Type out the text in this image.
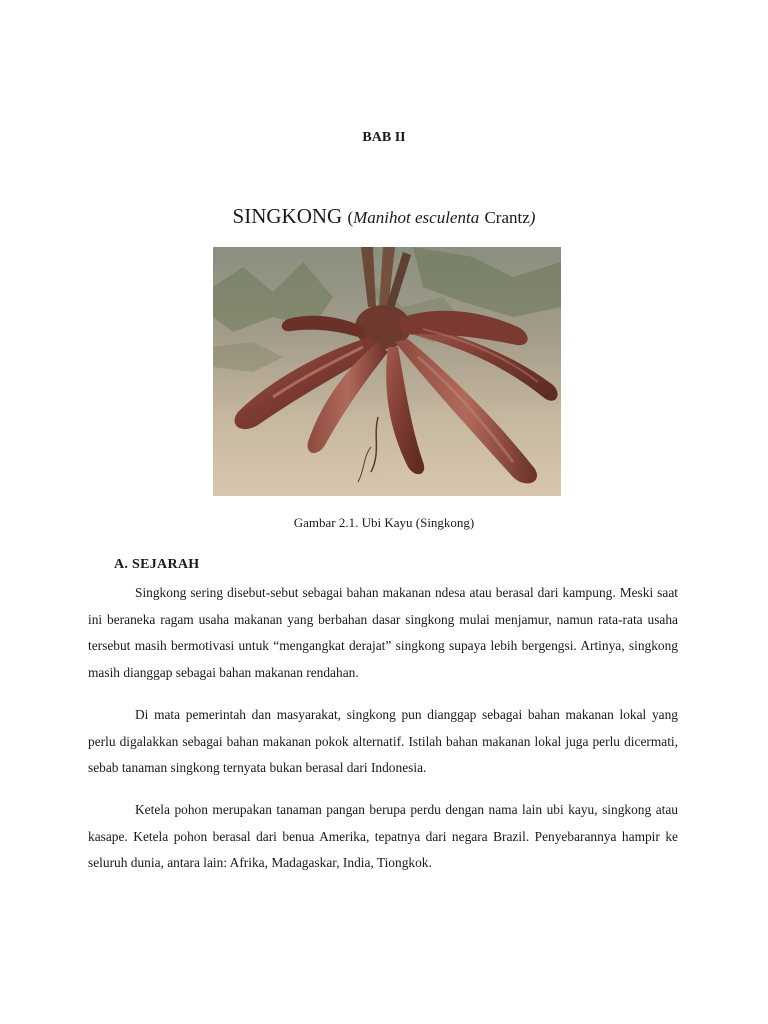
BAB II
SINGKONG (Manihot esculenta Crantz)
Gambar 2.1. Ubi Kayu (Singkong)
A. SEJARAH

Singkong sering disebut-sebut sebagai bahan makanan ndesa atau berasal dari kampung. Meski saat ini beraneka ragam usaha makanan yang berbahan dasar singkong mulai menjamur, namun rata-rata usaha tersebut masih bermotivasi untuk “mengangkat derajat” singkong supaya lebih bergengsi. Artinya, singkong masih dianggap sebagai bahan makanan rendahan.

Di mata pemerintah dan masyarakat, singkong pun dianggap sebagai bahan makanan lokal yang perlu digalakkan sebagai bahan makanan pokok alternatif. Istilah bahan makanan lokal juga perlu dicermati, sebab tanaman singkong ternyata bukan berasal dari Indonesia.

Ketela pohon merupakan tanaman pangan berupa perdu dengan nama lain ubi kayu, singkong atau kasape. Ketela pohon berasal dari benua Amerika, tepatnya dari negara Brazil. Penyebarannya hampir ke seluruh dunia, antara lain: Afrika, Madagaskar, India, Tiongkok.
